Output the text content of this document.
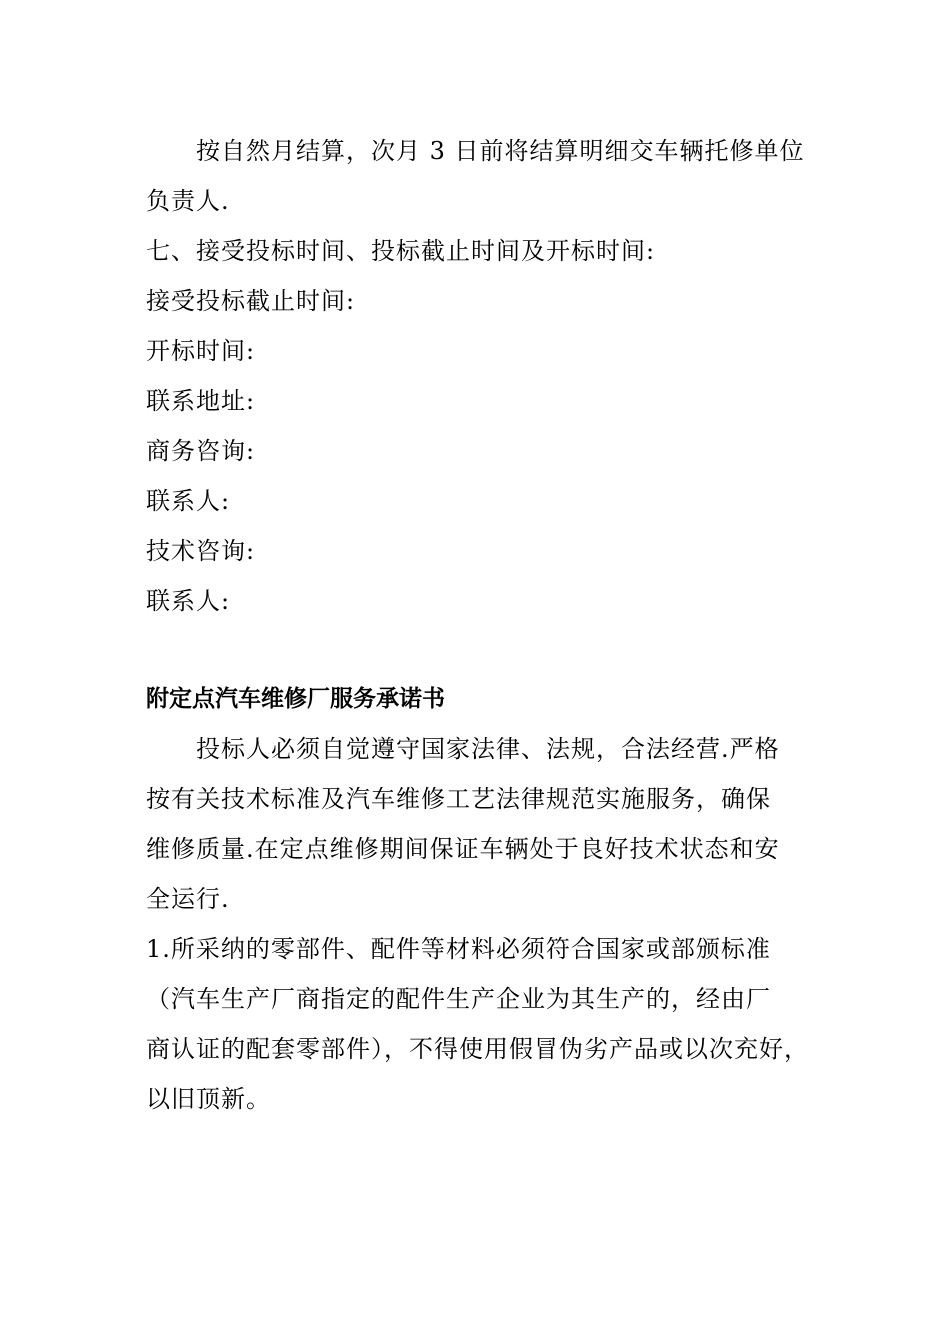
按自然月结算，次月 3 日前将结算明细交车辆托修单位
负责人.
七、接受投标时间、投标截止时间及开标时间:
接受投标截止时间:
开标时间:
联系地址:
商务咨询:
联系人:
技术咨询:
联系人:
附定点汽车维修厂服务承诺书
投标人必须自觉遵守国家法律、法规，合法经营.严格
按有关技术标准及汽车维修工艺法律规范实施服务，确保
维修质量.在定点维修期间保证车辆处于良好技术状态和安
全运行.
1.所采纳的零部件、配件等材料必须符合国家或部颁标准
（汽车生产厂商指定的配件生产企业为其生产的，经由厂
商认证的配套零部件），不得使用假冒伪劣产品或以次充好，
以旧顶新。
